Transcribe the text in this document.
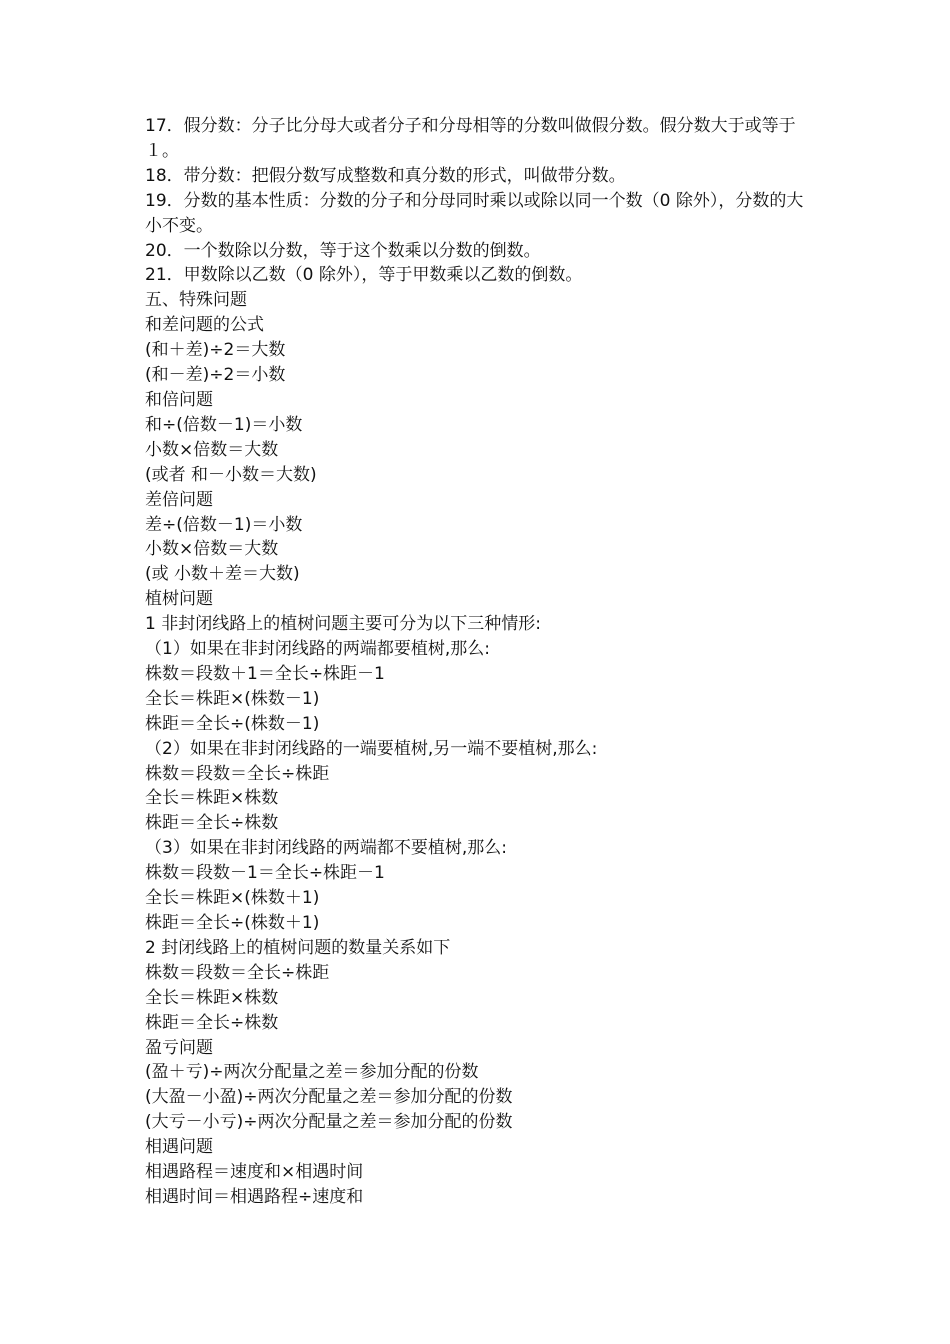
17．假分数：分子比分母大或者分子和分母相等的分数叫做假分数。假分数大于或等于１。

18．带分数：把假分数写成整数和真分数的形式，叫做带分数。

19．分数的基本性质：分数的分子和分母同时乘以或除以同一个数（0 除外），分数的大小不变。

20．一个数除以分数，等于这个数乘以分数的倒数。

21．甲数除以乙数（0 除外），等于甲数乘以乙数的倒数。

五、特殊问题

和差问题的公式

(和＋差)÷2＝大数

(和－差)÷2＝小数

和倍问题

和÷(倍数－1)＝小数

小数×倍数＝大数

(或者 和－小数＝大数)

差倍问题

差÷(倍数－1)＝小数

小数×倍数＝大数

(或 小数＋差＝大数)

植树问题

1 非封闭线路上的植树问题主要可分为以下三种情形:

（1）如果在非封闭线路的两端都要植树,那么:

株数＝段数＋1＝全长÷株距－1

全长＝株距×(株数－1)

株距＝全长÷(株数－1)

（2）如果在非封闭线路的一端要植树,另一端不要植树,那么:

株数＝段数＝全长÷株距

全长＝株距×株数

株距＝全长÷株数

（3）如果在非封闭线路的两端都不要植树,那么:

株数＝段数－1＝全长÷株距－1

全长＝株距×(株数＋1)

株距＝全长÷(株数＋1)

2 封闭线路上的植树问题的数量关系如下

株数＝段数＝全长÷株距

全长＝株距×株数

株距＝全长÷株数

盈亏问题

(盈＋亏)÷两次分配量之差＝参加分配的份数

(大盈－小盈)÷两次分配量之差＝参加分配的份数

(大亏－小亏)÷两次分配量之差＝参加分配的份数

相遇问题

相遇路程＝速度和×相遇时间

相遇时间＝相遇路程÷速度和
